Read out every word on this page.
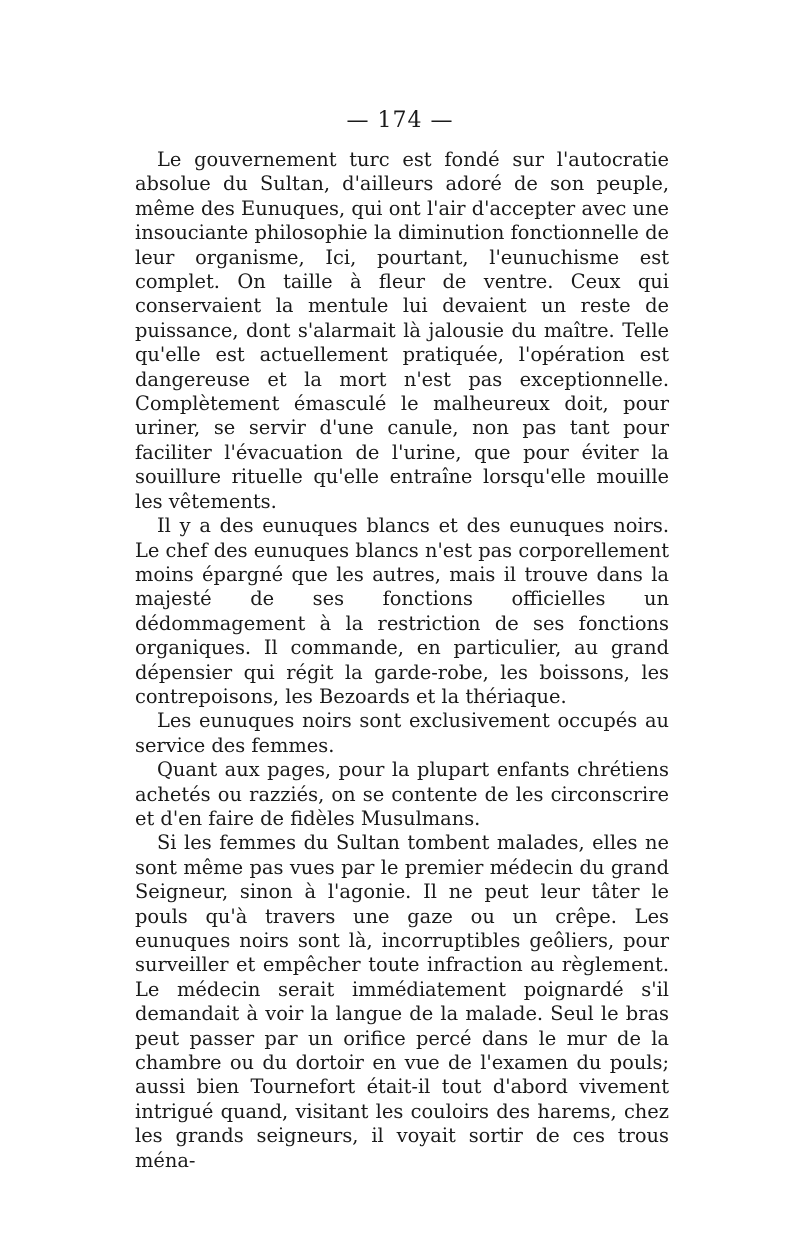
— 174 —

Le gouvernement turc est fondé sur l'autocratie absolue du Sultan, d'ailleurs adoré de son peuple, même des Eunuques, qui ont l'air d'accepter avec une insouciante philosophie la diminution fonctionnelle de leur organisme, Ici, pourtant, l'eunuchisme est complet. On taille à fleur de ventre. Ceux qui conservaient la mentule lui devaient un reste de puissance, dont s'alarmait là jalousie du maître. Telle qu'elle est actuellement pratiquée, l'opération est dangereuse et la mort n'est pas exceptionnelle. Complètement émasculé le malheureux doit, pour uriner, se servir d'une canule, non pas tant pour faciliter l'évacuation de l'urine, que pour éviter la souillure rituelle qu'elle entraîne lorsqu'elle mouille les vêtements.

Il y a des eunuques blancs et des eunuques noirs. Le chef des eunuques blancs n'est pas corporellement moins épargné que les autres, mais il trouve dans la majesté de ses fonctions officielles un dédommagement à la restriction de ses fonctions organiques. Il commande, en particulier, au grand dépensier qui régit la garde-robe, les boissons, les contrepoisons, les Bezoards et la thériaque.

Les eunuques noirs sont exclusivement occupés au service des femmes.

Quant aux pages, pour la plupart enfants chrétiens achetés ou razziés, on se contente de les circonscrire et d'en faire de fidèles Musulmans.

Si les femmes du Sultan tombent malades, elles ne sont même pas vues par le premier médecin du grand Seigneur, sinon à l'agonie. Il ne peut leur tâter le pouls qu'à travers une gaze ou un crêpe. Les eunuques noirs sont là, incorruptibles geôliers, pour surveiller et empêcher toute infraction au règlement. Le médecin serait immédiatement poignardé s'il demandait à voir la langue de la malade. Seul le bras peut passer par un orifice percé dans le mur de la chambre ou du dortoir en vue de l'examen du pouls; aussi bien Tournefort était-il tout d'abord vivement intrigué quand, visitant les couloirs des harems, chez les grands seigneurs, il voyait sortir de ces trous ména-
